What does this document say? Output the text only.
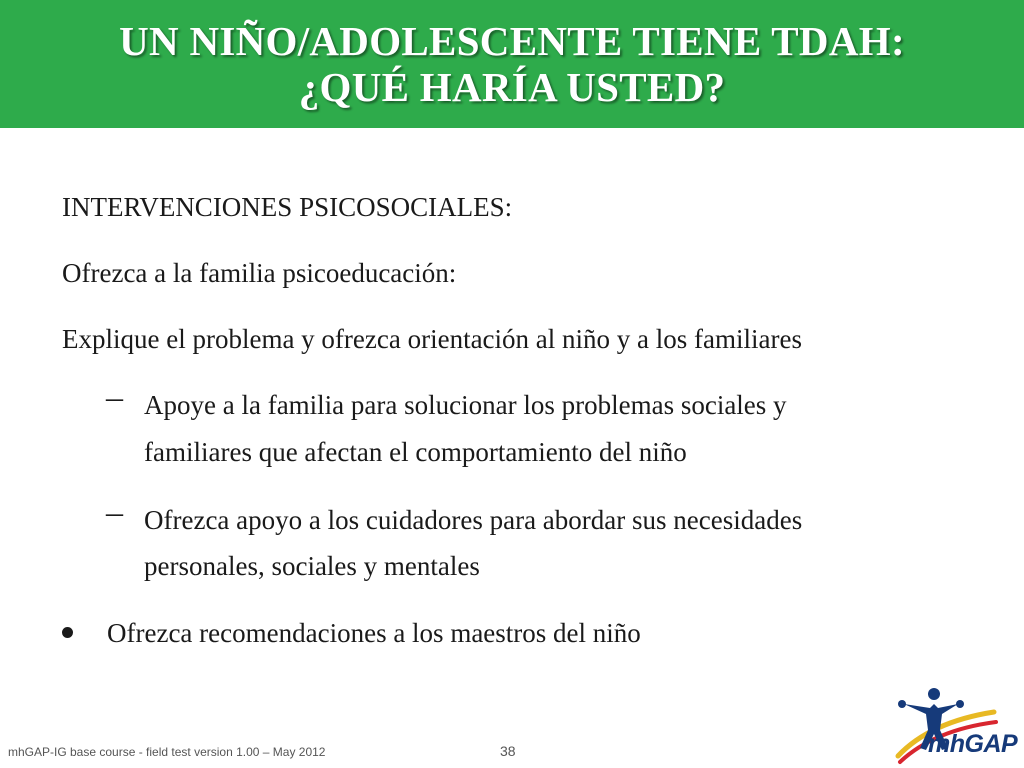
UN NIÑO/ADOLESCENTE TIENE TDAH:
¿QUÉ HARÍA USTED?
INTERVENCIONES PSICOSOCIALES:
Ofrezca a la familia psicoeducación:
Explique el problema y ofrezca orientación al niño y a los familiares
– Apoye a la familia para solucionar los problemas sociales y
familiares que afectan el comportamiento del niño
– Ofrezca apoyo a los cuidadores para abordar sus necesidades
personales, sociales y mentales
Ofrezca recomendaciones a los maestros del niño
mhGAP-IG base course - field test version 1.00 – May 2012	38	mhGAP
